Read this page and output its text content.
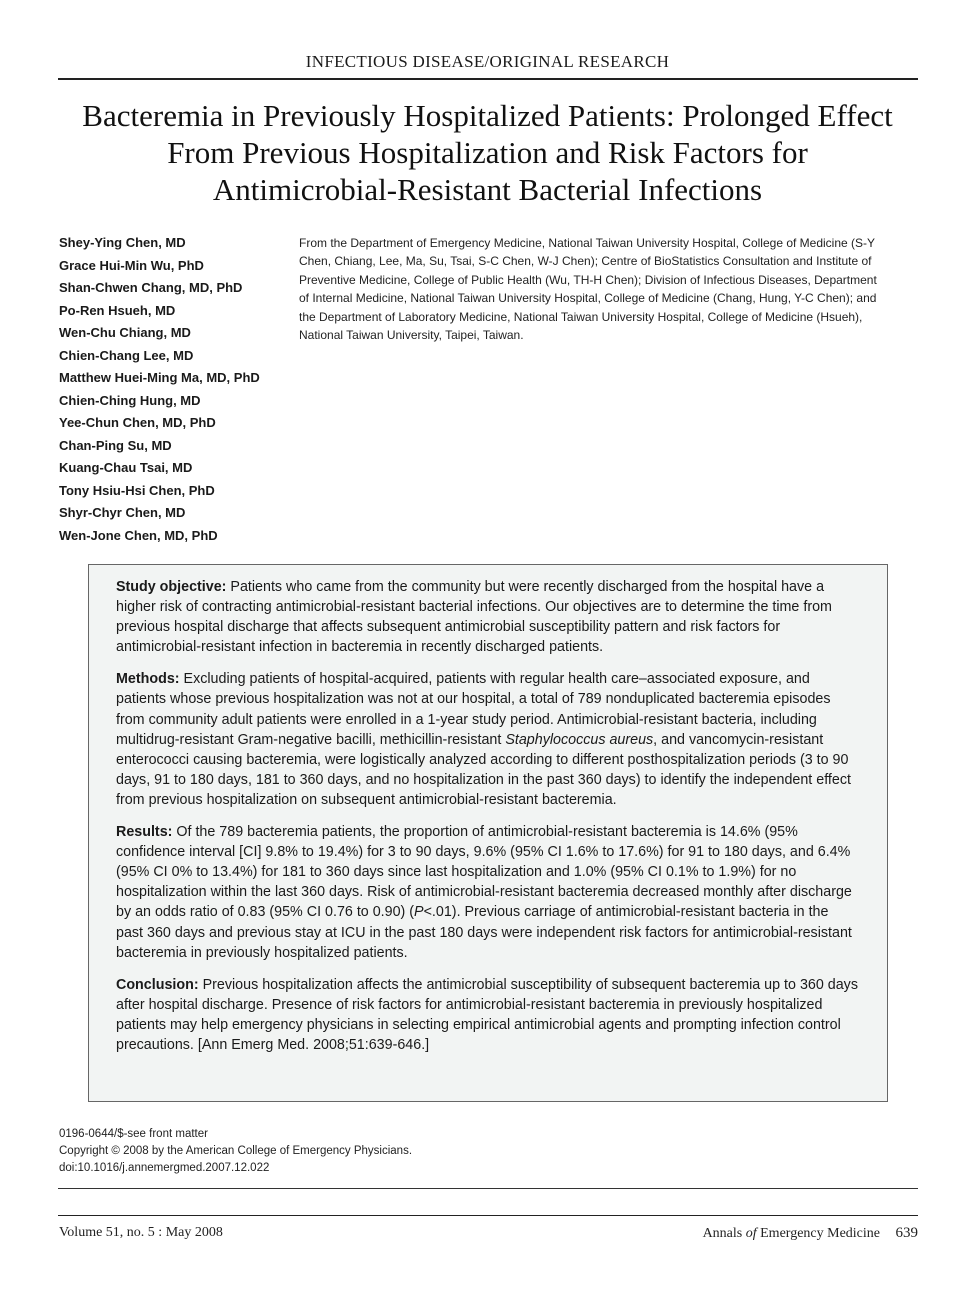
INFECTIOUS DISEASE/ORIGINAL RESEARCH
Bacteremia in Previously Hospitalized Patients: Prolonged Effect
From Previous Hospitalization and Risk Factors for
Antimicrobial-Resistant Bacterial Infections
Shey-Ying Chen, MD
Grace Hui-Min Wu, PhD
Shan-Chwen Chang, MD, PhD
Po-Ren Hsueh, MD
Wen-Chu Chiang, MD
Chien-Chang Lee, MD
Matthew Huei-Ming Ma, MD, PhD
Chien-Ching Hung, MD
Yee-Chun Chen, MD, PhD
Chan-Ping Su, MD
Kuang-Chau Tsai, MD
Tony Hsiu-Hsi Chen, PhD
Shyr-Chyr Chen, MD
Wen-Jone Chen, MD, PhD
From the Department of Emergency Medicine, National Taiwan University Hospital, College of Medicine (S-Y Chen, Chiang, Lee, Ma, Su, Tsai, S-C Chen, W-J Chen); Centre of BioStatistics Consultation and Institute of Preventive Medicine, College of Public Health (Wu, TH-H Chen); Division of Infectious Diseases, Department of Internal Medicine, National Taiwan University Hospital, College of Medicine (Chang, Hung, Y-C Chen); and the Department of Laboratory Medicine, National Taiwan University Hospital, College of Medicine (Hsueh), National Taiwan University, Taipei, Taiwan.

Study objective: Patients who came from the community but were recently discharged from the hospital have a higher risk of contracting antimicrobial-resistant bacterial infections. Our objectives are to determine the time from previous hospital discharge that affects subsequent antimicrobial susceptibility pattern and risk factors for antimicrobial-resistant infection in bacteremia in recently discharged patients.

Methods: Excluding patients of hospital-acquired, patients with regular health care–associated exposure, and patients whose previous hospitalization was not at our hospital, a total of 789 nonduplicated bacteremia episodes from community adult patients were enrolled in a 1-year study period. Antimicrobial-resistant bacteria, including multidrug-resistant Gram-negative bacilli, methicillin-resistant Staphylococcus aureus, and vancomycin-resistant enterococci causing bacteremia, were logistically analyzed according to different posthospitalization periods (3 to 90 days, 91 to 180 days, 181 to 360 days, and no hospitalization in the past 360 days) to identify the independent effect from previous hospitalization on subsequent antimicrobial-resistant bacteremia.

Results: Of the 789 bacteremia patients, the proportion of antimicrobial-resistant bacteremia is 14.6% (95% confidence interval [CI] 9.8% to 19.4%) for 3 to 90 days, 9.6% (95% CI 1.6% to 17.6%) for 91 to 180 days, and 6.4% (95% CI 0% to 13.4%) for 181 to 360 days since last hospitalization and 1.0% (95% CI 0.1% to 1.9%) for no hospitalization within the last 360 days. Risk of antimicrobial-resistant bacteremia decreased monthly after discharge by an odds ratio of 0.83 (95% CI 0.76 to 0.90) (P<.01). Previous carriage of antimicrobial-resistant bacteria in the past 360 days and previous stay at ICU in the past 180 days were independent risk factors for antimicrobial-resistant bacteremia in previously hospitalized patients.

Conclusion: Previous hospitalization affects the antimicrobial susceptibility of subsequent bacteremia up to 360 days after hospital discharge. Presence of risk factors for antimicrobial-resistant bacteremia in previously hospitalized patients may help emergency physicians in selecting empirical antimicrobial agents and prompting infection control precautions. [Ann Emerg Med. 2008;51:639-646.]

0196-0644/$-see front matter
Copyright © 2008 by the American College of Emergency Physicians.
doi:10.1016/j.annemergmed.2007.12.022
Volume 51, no. 5 : May 2008	Annals of Emergency Medicine 639
